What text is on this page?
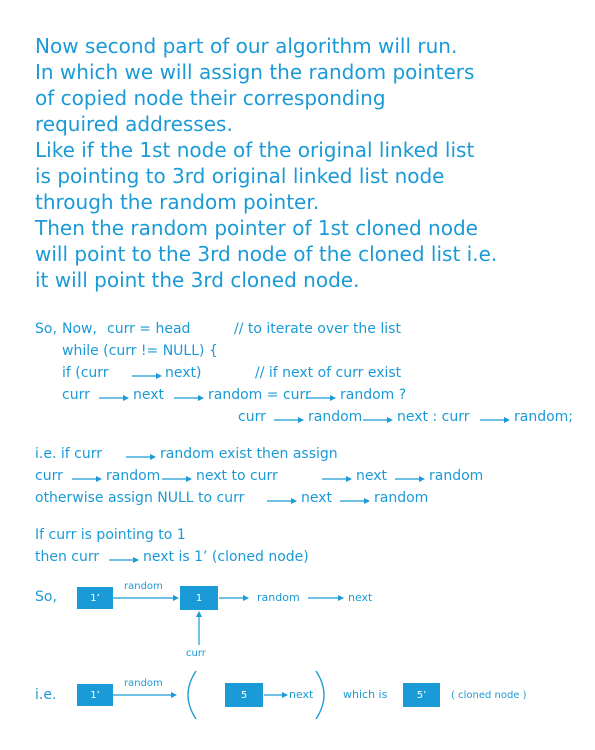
Now second part of our algorithm will run.
In which we will assign the random pointers
of copied node their corresponding
required addresses.
Like if the 1st node of the original linked list
is pointing to 3rd original linked list node
through the random pointer.
Then the random pointer of 1st cloned node
will point to the 3rd node of the cloned list i.e.
it will point the 3rd cloned node.
So, Now, curr = head	// to iterate over the list
while (curr != NULL) {
if (curr	next)	// if next of curr exist
curr	next	random = curr random ?
curr	random next : curr	random;
i.e. if curr	random exist then assign
curr	random	next to curr	next	random
otherwise assign NULL to curr	next	random
If curr is pointing to 1
then curr	next is 1’ (cloned node)
So,	1’
random
1	random	next
curr
i.e.	1’
random
5	next	which is	5’ ( cloned node )
